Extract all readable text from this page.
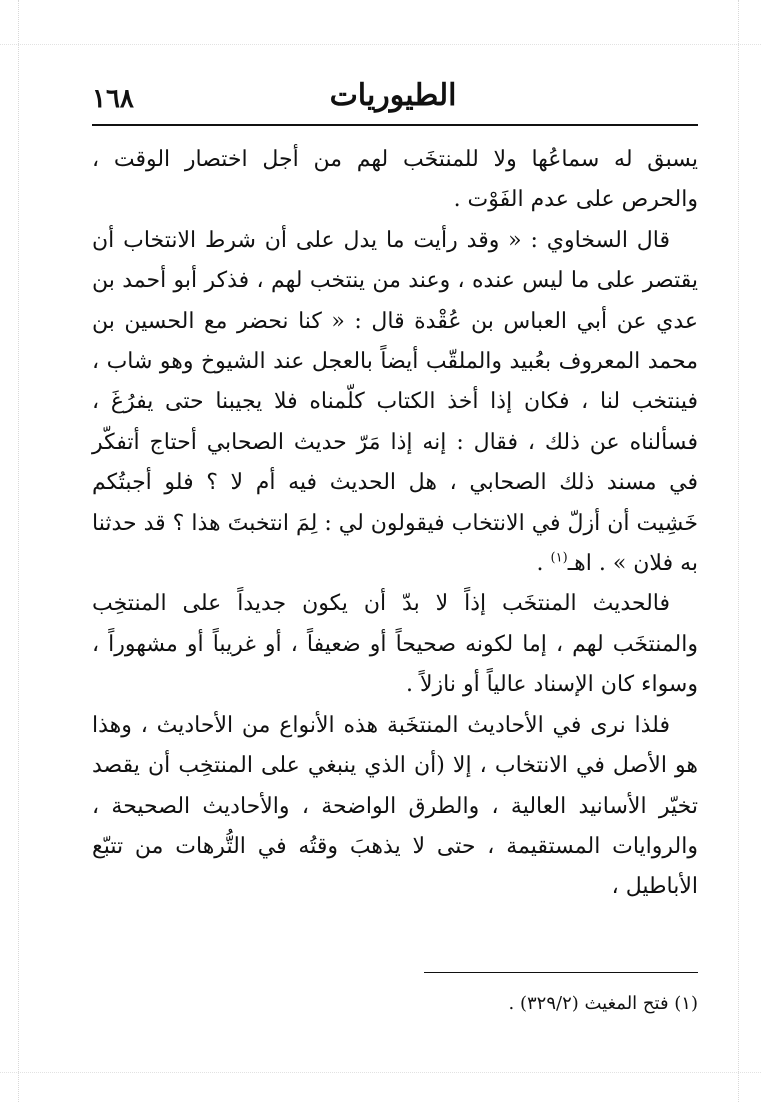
الطيوريات
١٦٨

يسبق له سماعُها ولا للمنتخَب لهم من أجل اختصار الوقت ، والحرص على عدم الفَوْت .

قال السخاوي : « وقد رأيت ما يدل على أن شرط الانتخاب أن يقتصر على ما ليس عنده ، وعند من ينتخب لهم ، فذكر أبو أحمد بن عدي عن أبي العباس بن عُقْدة قال : « كنا نحضر مع الحسين بن محمد المعروف بعُبيد والملقّب أيضاً بالعجل عند الشيوخ وهو شاب ، فينتخب لنا ، فكان إذا أخذ الكتاب كلّمناه فلا يجيبنا حتى يفرُغَ ، فسألناه عن ذلك ، فقال : إنه إذا مَرّ حديث الصحابي أحتاج أتفكّر في مسند ذلك الصحابي ، هل الحديث فيه أم لا ؟ فلو أجبتُكم خَشِيت أن أزلّ في الانتخاب فيقولون لي : لِمَ انتخبتَ هذا ؟ قد حدثنا به فلان » . اهـ$^{(١)}$ .

فالحديث المنتخَب إذاً لا بدّ أن يكون جديداً على المنتخِب والمنتخَب لهم ، إما لكونه صحيحاً أو ضعيفاً ، أو غريباً أو مشهوراً ، وسواء كان الإسناد عالياً أو نازلاً .

فلذا نرى في الأحاديث المنتخَبة هذه الأنواع من الأحاديث ، وهذا هو الأصل في الانتخاب ، إلا (أن الذي ينبغي على المنتخِب أن يقصد تخيّر الأسانيد العالية ، والطرق الواضحة ، والأحاديث الصحيحة ، والروايات المستقيمة ، حتى لا يذهبَ وقتُه في التُّرهات من تتبّع الأباطيل ،

(١) فتح المغيث (٣٢٩/٢) .
